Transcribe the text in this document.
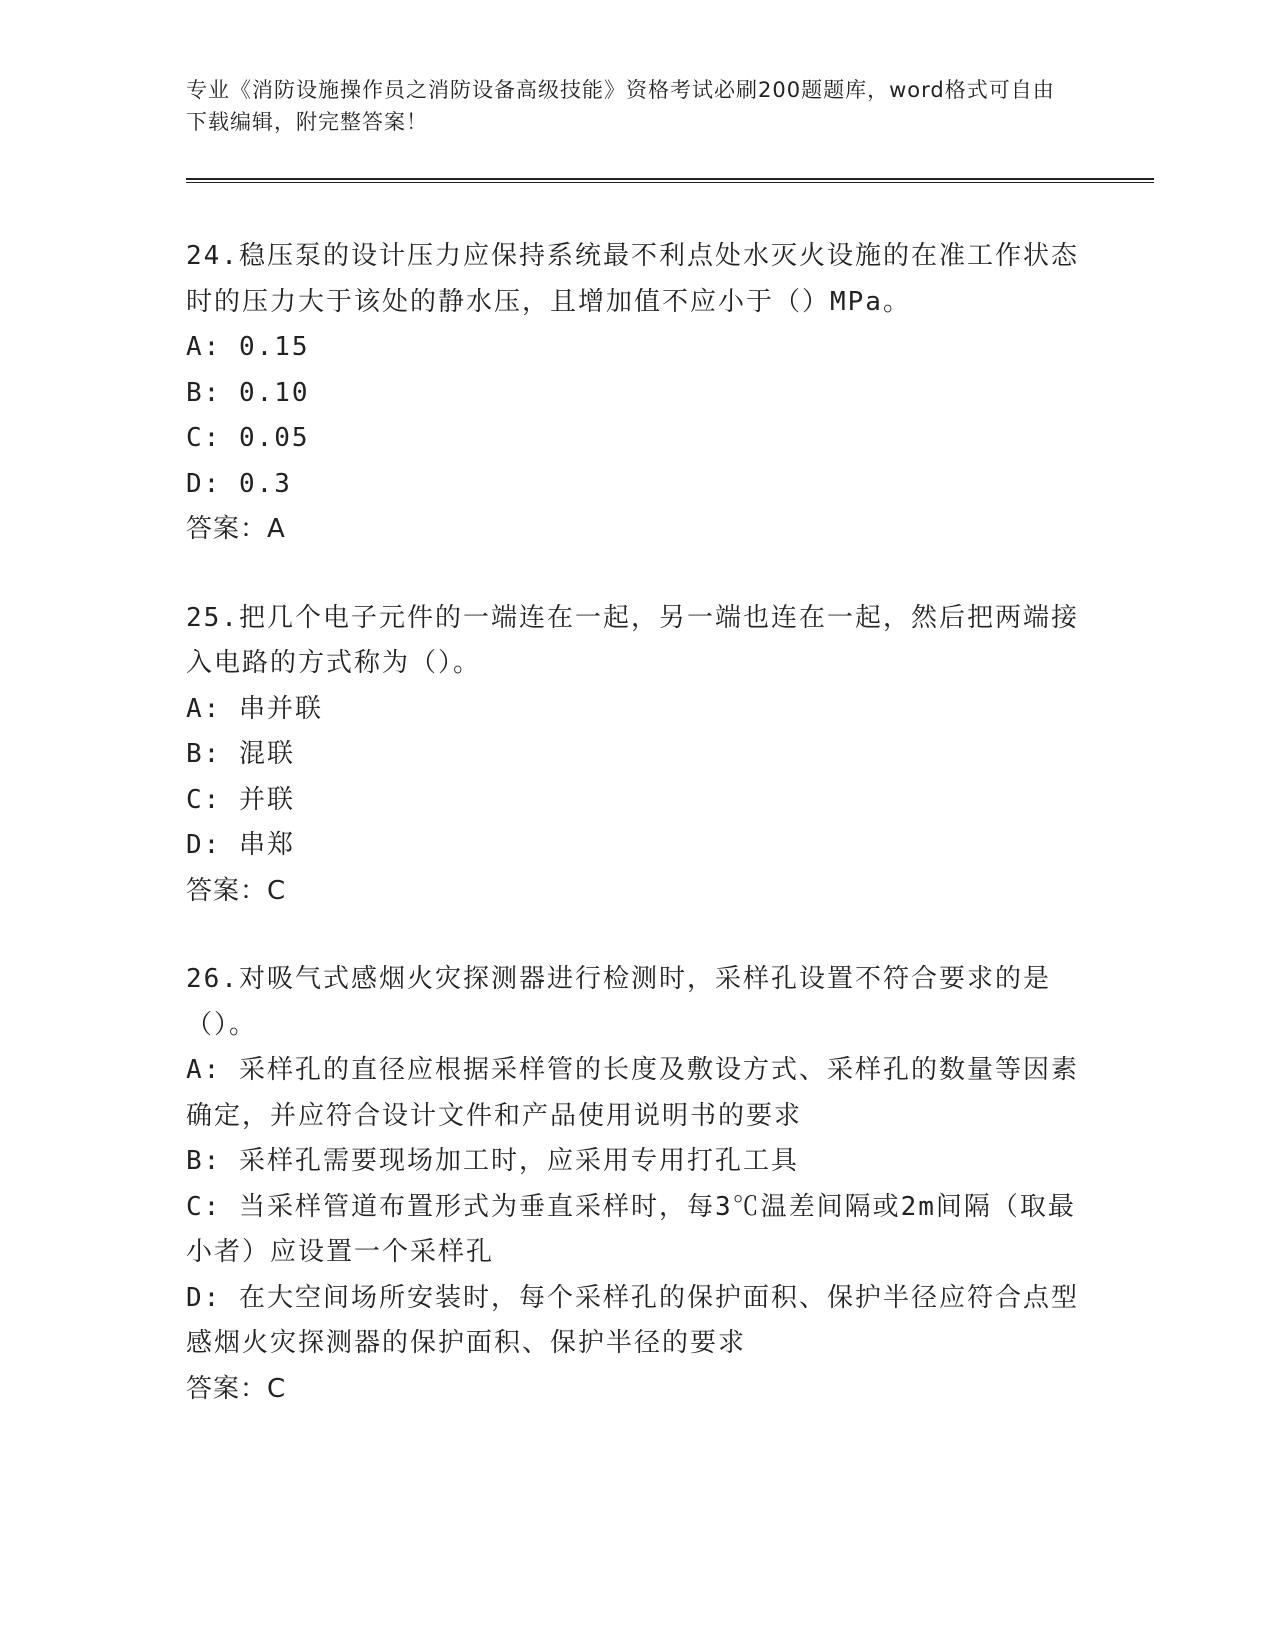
专业《消防设施操作员之消防设备高级技能》资格考试必刷200题题库，word格式可自由下载编辑，附完整答案！

24.稳压泵的设计压力应保持系统最不利点处水灭火设施的在准工作状态时的压力大于该处的静水压，且增加值不应小于（）MPa。

A: 0.15

B: 0.10

C: 0.05

D: 0.3

答案：A

25.把几个电子元件的一端连在一起，另一端也连在一起，然后把两端接入电路的方式称为（）。

A: 串并联

B: 混联

C: 并联

D: 串郑

答案：C

26.对吸气式感烟火灾探测器进行检测时，采样孔设置不符合要求的是（）。

A: 采样孔的直径应根据采样管的长度及敷设方式、采样孔的数量等因素确定，并应符合设计文件和产品使用说明书的要求

B: 采样孔需要现场加工时，应采用专用打孔工具

C: 当采样管道布置形式为垂直采样时，每3℃温差间隔或2m间隔（取最小者）应设置一个采样孔

D: 在大空间场所安装时，每个采样孔的保护面积、保护半径应符合点型感烟火灾探测器的保护面积、保护半径的要求

答案：C
